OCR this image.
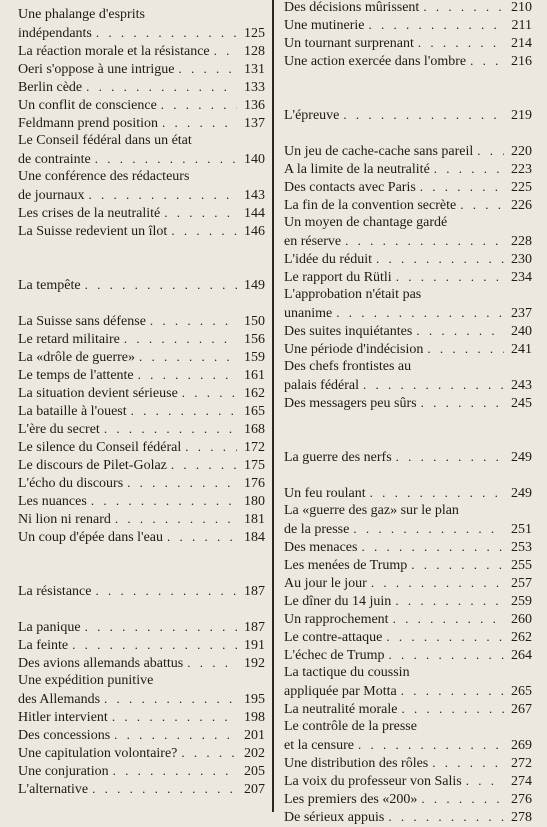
Une phalange d'esprits
indépendants . . .	125
La réaction morale et la résistance . . . 128
Oeri s'oppose à une intrigue . . .	131
Berlin cède . . .	133
Un conflit de conscience . . .	136
Feldmann prend position . . .	137
Le Conseil fédéral dans un état
de contrainte . . .	140
Une conférence des rédacteurs
de journaux . . .	143
Les crises de la neutralité . . .	144
La Suisse redevient un îlot . . .	146
La tempête . . .	149
La Suisse sans défense . . .	150
Le retard militaire . . .	156
La «drôle de guerre» . . .	159
Le temps de l'attente . . .	161
La situation devient sérieuse . . .	162
La bataille à l'ouest . . .	165
L'ère du secret . . .	168
Le silence du Conseil fédéral . . .	172
Le discours de Pilet-Golaz . . .	175
L'écho du discours . . .	176
Les nuances . . .	180
Ni lion ni renard . . .	181
Un coup d'épée dans l'eau . . .	184
La résistance . . .	187
La panique . . .	187
La feinte . . .	191
Des avions allemands abattus . . .	192
Une expédition punitive
des Allemands . . .	195
Hitler intervient . . .	198
Des concessions . . .	201
Une capitulation volontaire? . . .	202
Une conjuration . . .	205
L'alternative . . .	207
Des décisions mûrissent . . .	210
Une mutinerie . . .	211
Un tournant surprenant . . .	214
Une action exercée dans l'ombre . . .	216
L'épreuve . . .	219
Un jeu de cache-cache sans pareil . . .	220
A la limite de la neutralité . . .	223
Des contacts avec Paris . . .	225
La fin de la convention secrète . . .	226
Un moyen de chantage gardé
en réserve . . .	228
L'idée du réduit . . .	230
Le rapport du Rütli . . .	234
L'approbation n'était pas
unanime . . .	237
Des suites inquiétantes . . .	240
Une période d'indécision . . .	241
Des chefs frontistes au
palais fédéral . . .	243
Des messagers peu sûrs . . .	245
La guerre des nerfs . . .	249
Un feu roulant . . .	249
La «guerre des gaz» sur le plan
de la presse . . .	251
Des menaces . . .	253
Les menées de Trump . . .	255
Au jour le jour . . .	257
Le dîner du 14 juin . . .	259
Un rapprochement . . .	260
Le contre-attaque . . .	262
L'échec de Trump . . .	264
La tactique du coussin
appliquée par Motta . . .	265
La neutralité morale . . .	267
Le contrôle de la presse
et la censure . . .	269
Une distribution des rôles . . .	272
La voix du professeur von Salis . . .	274
Les premiers des «200» . . .	276
De sérieux appuis . . .	278
